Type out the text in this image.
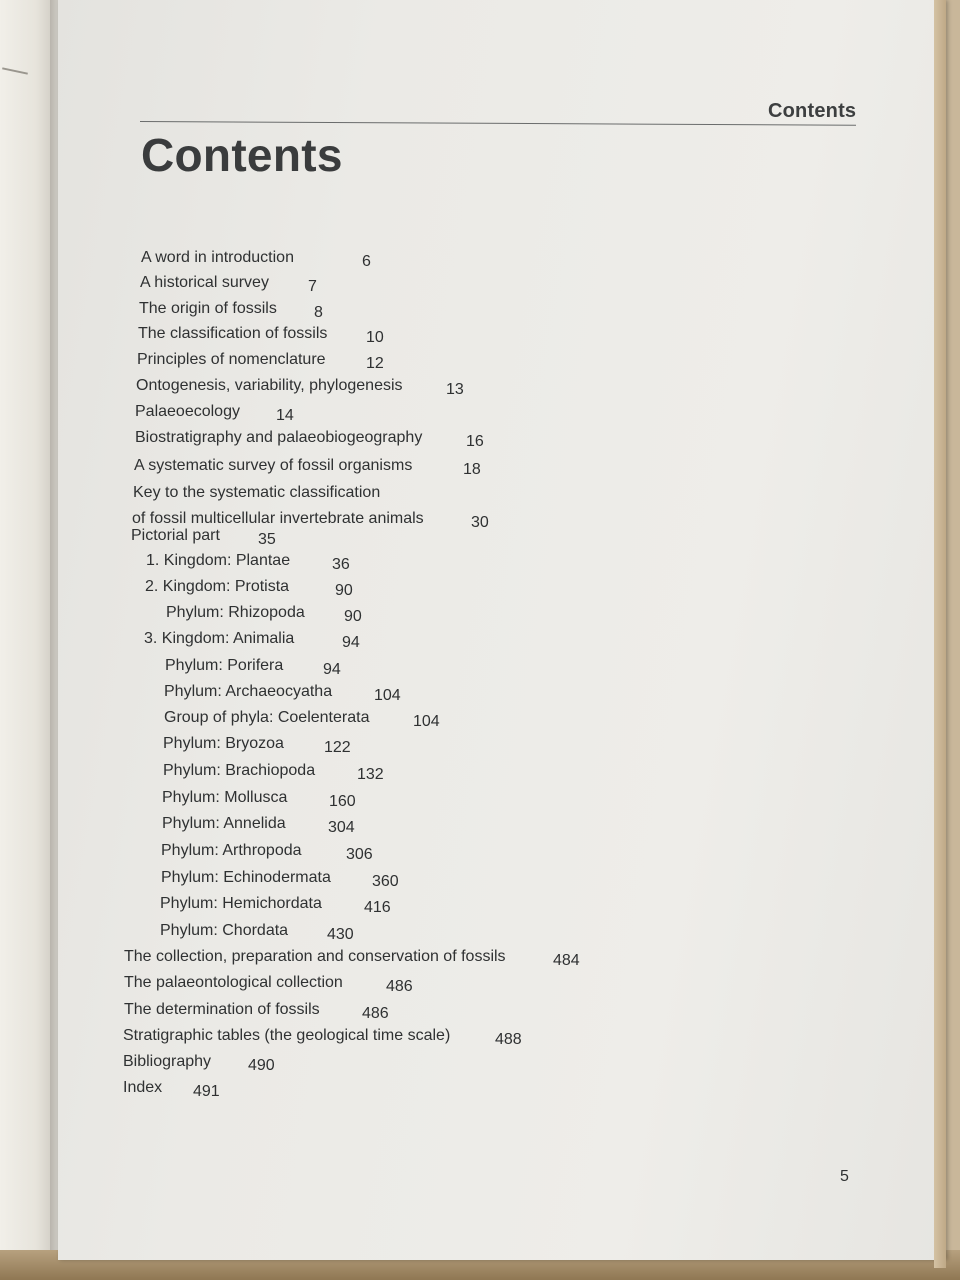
Contents
Contents
A word in introduction	6
A historical survey 7
The origin of fossils 8
The classification of fossils 10
Principles of nomenclature	12
Ontogenesis, variability, phylogenesis	13
Palaeoecology 14
Biostratigraphy and palaeobiogeography	16
A systematic survey of fossil organisms	18
Key to the systematic classification
of fossil multicellular invertebrate animals	30
Pictorial part 35
1. Kingdom: Plantae	36
2. Kingdom: Protista	90
Phylum: Rhizopoda 90
3. Kingdom: Animalia	94
Phylum: Porifera 94
Phylum: Archaeocyatha	104
Group of phyla: Coelenterata	104
Phylum: Bryozoa	122
Phylum: Brachiopoda	132
Phylum: Mollusca	160
Phylum: Annelida	304
Phylum: Arthropoda	306
Phylum: Echinodermata	360
Phylum: Hemichordata	416
Phylum: Chordata 430
The collection, preparation and conservation of fossils	484
The palaeontological collection	486
The determination of fossils	486
Stratigraphic tables (the geological time scale)	488
Bibliography 490
Index 491
5
